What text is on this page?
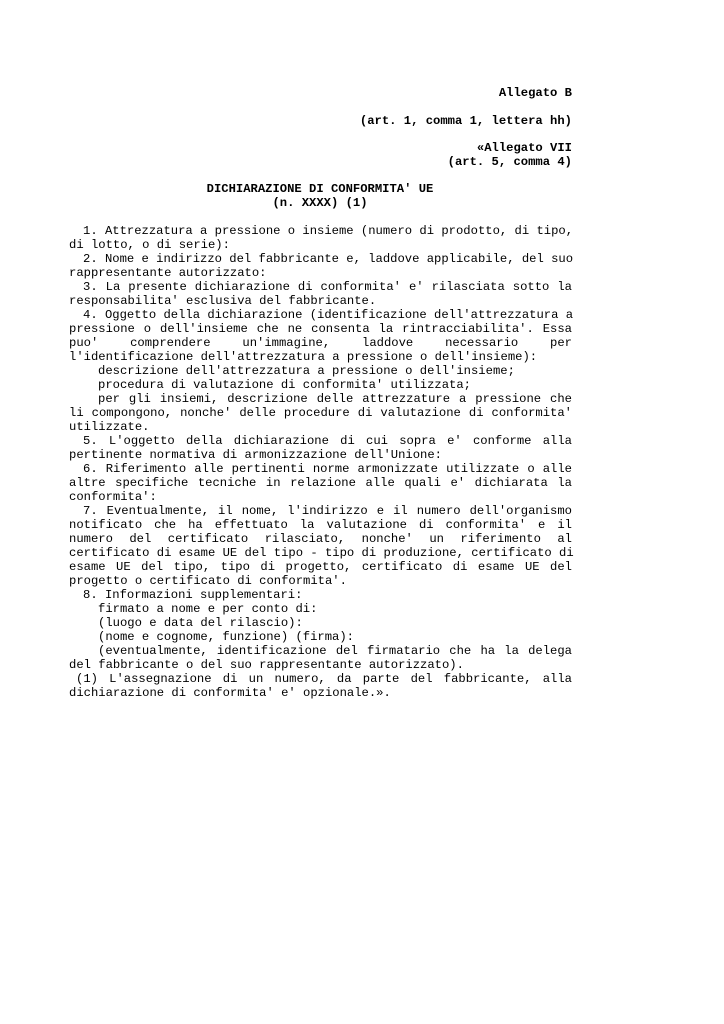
Allegato B
(art. 1, comma 1, lettera hh)
«Allegato VII
(art. 5, comma 4)
DICHIARAZIONE DI CONFORMITA' UE
(n. XXXX) (1)
1. Attrezzatura a pressione o insieme (numero di prodotto, di tipo,
di lotto, o di serie):
2. Nome e indirizzo del fabbricante e, laddove applicabile, del suo
rappresentante autorizzato:
3. La presente dichiarazione di conformita' e' rilasciata sotto la
responsabilita' esclusiva del fabbricante.
4. Oggetto della dichiarazione (identificazione dell'attrezzatura a
pressione o dell'insieme che ne consenta la rintracciabilita'. Essa
puo' comprendere un'immagine, laddove necessario per
l'identificazione dell'attrezzatura a pressione o dell'insieme):
descrizione dell'attrezzatura a pressione o dell'insieme;
procedura di valutazione di conformita' utilizzata;
per gli insiemi, descrizione delle attrezzature a pressione che
li compongono, nonche' delle procedure di valutazione di conformita'
utilizzate.
5. L'oggetto della dichiarazione di cui sopra e' conforme alla
pertinente normativa di armonizzazione dell'Unione:
6. Riferimento alle pertinenti norme armonizzate utilizzate o alle
altre specifiche tecniche in relazione alle quali e' dichiarata la
conformita':
7. Eventualmente, il nome, l'indirizzo e il numero dell'organismo
notificato che ha effettuato la valutazione di conformita' e il
numero del certificato rilasciato, nonche' un riferimento al
certificato di esame UE del tipo - tipo di produzione, certificato di
esame UE del tipo, tipo di progetto, certificato di esame UE del
progetto o certificato di conformita'.
8. Informazioni supplementari:
firmato a nome e per conto di:
(luogo e data del rilascio):
(nome e cognome, funzione) (firma):
(eventualmente, identificazione del firmatario che ha la delega
del fabbricante o del suo rappresentante autorizzato).
(1) L'assegnazione di un numero, da parte del fabbricante, alla
dichiarazione di conformita' e' opzionale.».
